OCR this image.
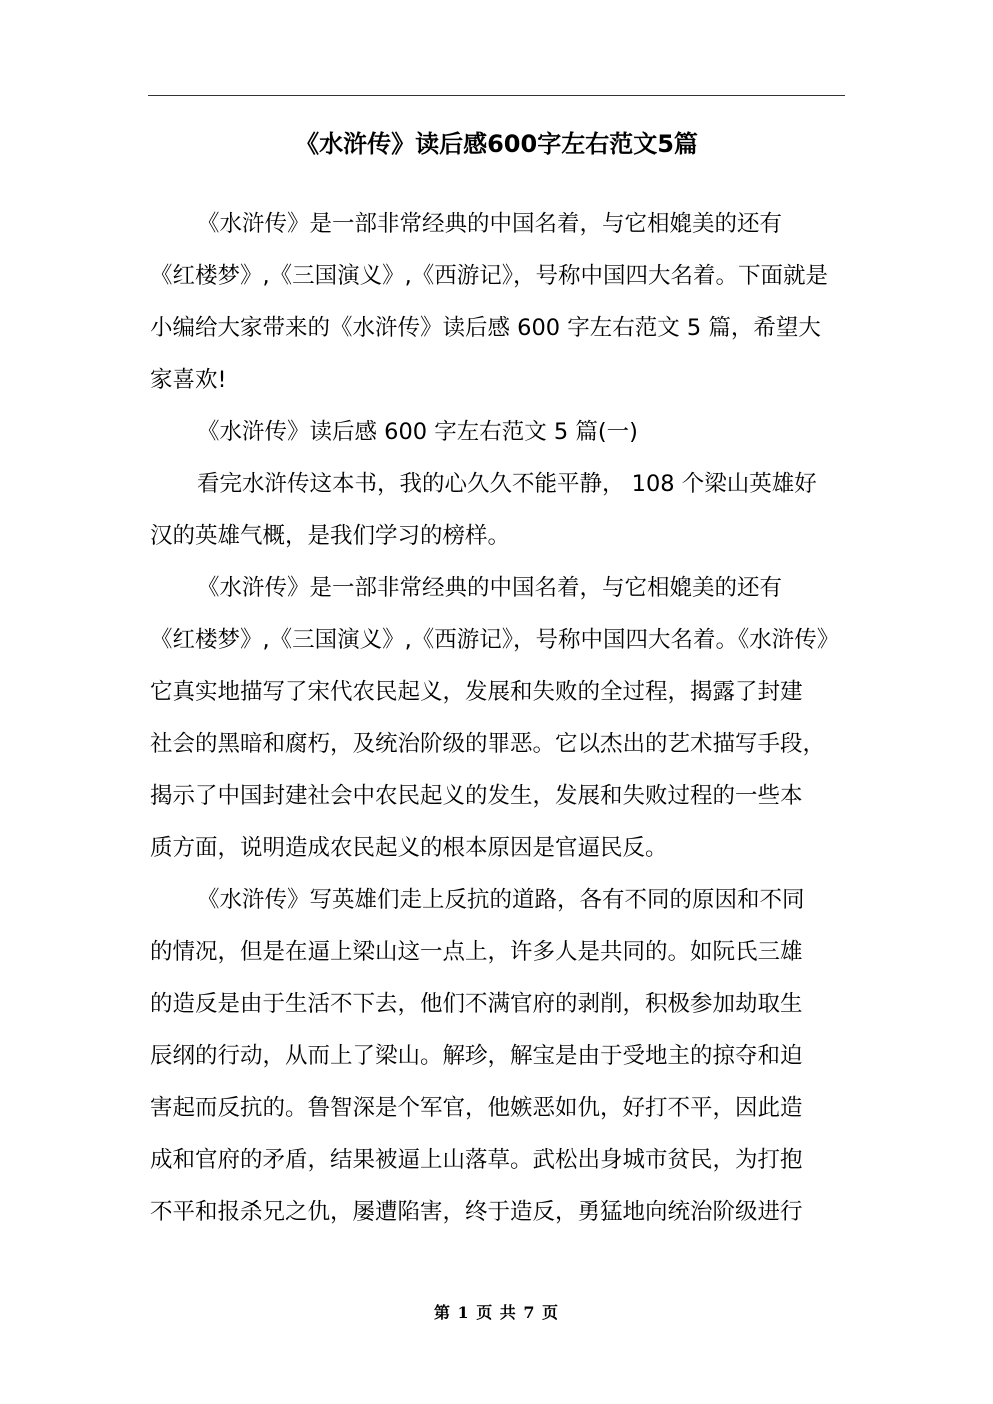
《水浒传》读后感600字左右范文5篇
《水浒传》是一部非常经典的中国名着，与它相媲美的还有
《红楼梦》,《三国演义》,《西游记》，号称中国四大名着。下面就是
小编给大家带来的《水浒传》读后感 600 字左右范文 5 篇，希望大
家喜欢!
《水浒传》读后感 600 字左右范文 5 篇(一)
看完水浒传这本书，我的心久久不能平静， 108 个梁山英雄好
汉的英雄气概，是我们学习的榜样。
《水浒传》是一部非常经典的中国名着，与它相媲美的还有
《红楼梦》,《三国演义》,《西游记》，号称中国四大名着。《水浒传》
它真实地描写了宋代农民起义，发展和失败的全过程，揭露了封建
社会的黑暗和腐朽，及统治阶级的罪恶。它以杰出的艺术描写手段，
揭示了中国封建社会中农民起义的发生，发展和失败过程的一些本
质方面，说明造成农民起义的根本原因是官逼民反。
《水浒传》写英雄们走上反抗的道路，各有不同的原因和不同
的情况，但是在逼上梁山这一点上，许多人是共同的。如阮氏三雄
的造反是由于生活不下去，他们不满官府的剥削，积极参加劫取生
辰纲的行动，从而上了梁山。解珍，解宝是由于受地主的掠夺和迫
害起而反抗的。鲁智深是个军官，他嫉恶如仇，好打不平，因此造
成和官府的矛盾，结果被逼上山落草。武松出身城市贫民，为打抱
不平和报杀兄之仇，屡遭陷害，终于造反，勇猛地向统治阶级进行
第 1 页 共 7 页
